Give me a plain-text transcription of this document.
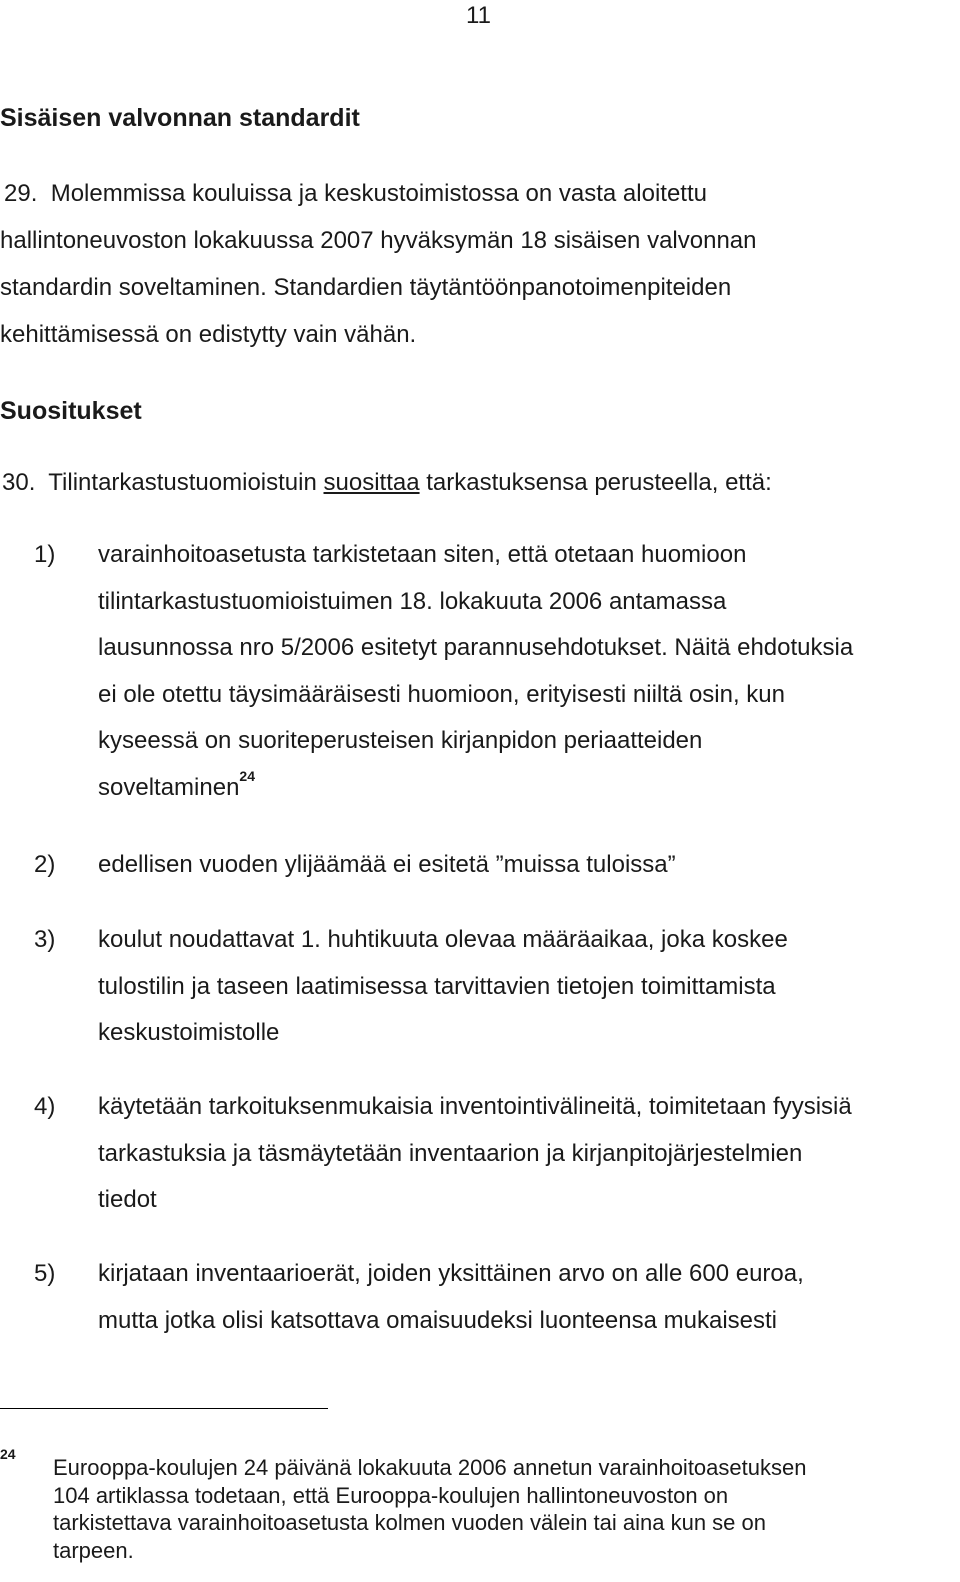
11
Sisäisen valvonnan standardit
29. Molemmissa kouluissa ja keskustoimistossa on vasta aloitettu
hallintoneuvoston lokakuussa 2007 hyväksymän 18 sisäisen valvonnan
standardin soveltaminen. Standardien täytäntöönpanotoimenpiteiden
kehittämisessä on edistytty vain vähän.
Suositukset
30. Tilintarkastustuomioistuin suosittaa tarkastuksensa perusteella, että:
1) varainhoitoasetusta tarkistetaan siten, että otetaan huomioon
tilintarkastustuomioistuimen 18. lokakuuta 2006 antamassa
lausunnossa nro 5/2006 esitetyt parannusehdotukset. Näitä ehdotuksia
ei ole otettu täysimääräisesti huomioon, erityisesti niiltä osin, kun
kyseessä on suoriteperusteisen kirjanpidon periaatteiden
soveltaminen$^{24}$
2) edellisen vuoden ylijäämää ei esitetä ”muissa tuloissa”
3) koulut noudattavat 1. huhtikuuta olevaa määräaikaa, joka koskee
tulostilin ja taseen laatimisessa tarvittavien tietojen toimittamista
keskustoimistolle
4) käytetään tarkoituksenmukaisia inventointivälineitä, toimitetaan fyysisiä
tarkastuksia ja täsmäytetään inventaarion ja kirjanpitojärjestelmien
tiedot
5) kirjataan inventaarioerät, joiden yksittäinen arvo on alle 600 euroa,
mutta jotka olisi katsottava omaisuudeksi luonteensa mukaisesti
24
Eurooppa-koulujen 24 päivänä lokakuuta 2006 annetun varainhoitoasetuksen
104 artiklassa todetaan, että Eurooppa-koulujen hallintoneuvoston on
tarkistettava varainhoitoasetusta kolmen vuoden välein tai aina kun se on
tarpeen.
